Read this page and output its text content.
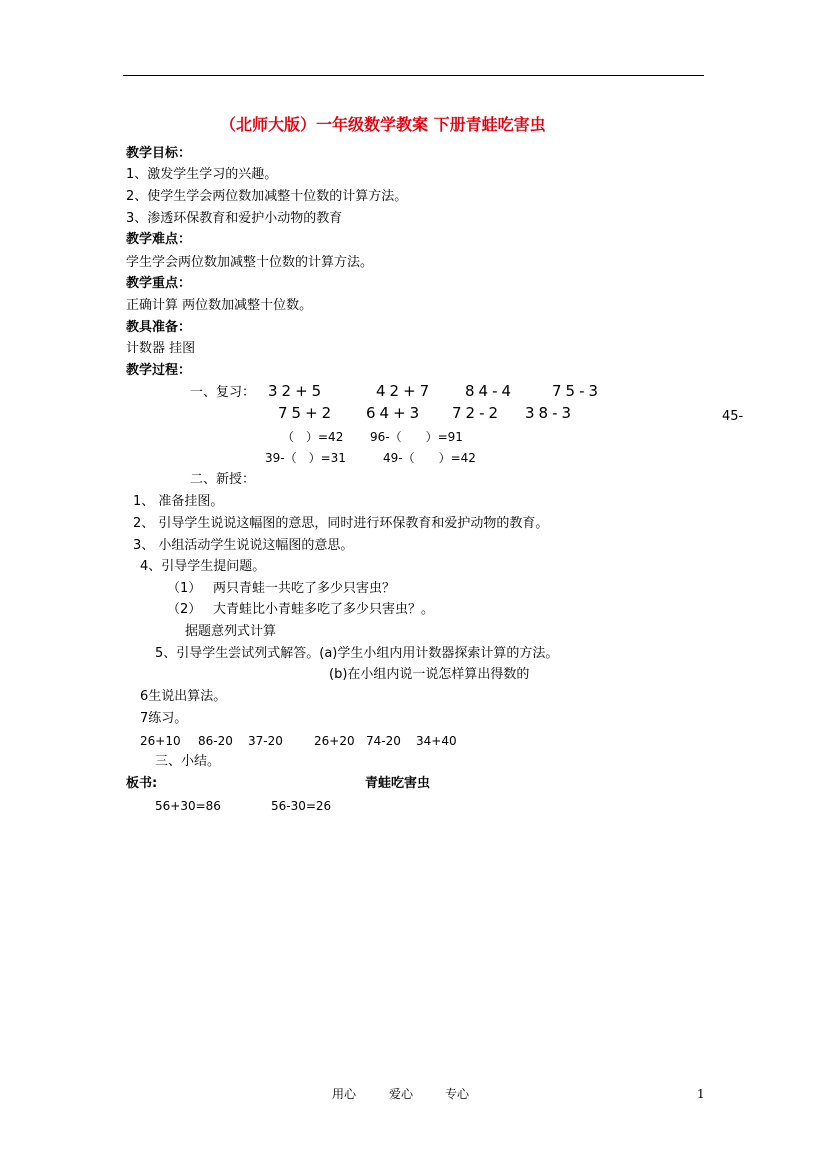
（北师大版）一年级数学教案 下册青蛙吃害虫
教学目标：
1、激发学生学习的兴趣。
2、使学生学会两位数加减整十位数的计算方法。
3、渗透环保教育和爱护小动物的教育
教学难点：
学生学会两位数加减整十位数的计算方法。
教学重点：
正确计算 两位数加减整十位数。
教具准备：
计数器 挂图
教学过程：
一、复习： 32+5	42+7 84-4 75-3
75+2 64+3 72-2 38-3	45-
（　）=42 96-（　　）=91
39-（　）=31	49-（　　）=42
二、新授：
1、 准备挂图。
2、 引导学生说说这幅图的意思，同时进行环保教育和爱护动物的教育。
3、 小组活动学生说说这幅图的意思。
4、引导学生提问题。
（1） 两只青蛙一共吃了多少只害虫？
（2） 大青蛙比小青蛙多吃了多少只害虫？。
据题意列式计算
5、引导学生尝试列式解答。(a)学生小组内用计数器探索计算的方法。
(b)在小组内说一说怎样算出得数的
6生说出算法。
7练习。
26+10 86-20 37-20	26+20 74-20 34+40
三、小结。
板书:	青蛙吃害虫
56+30=86	56-30=26
用心	爱心	专心	1
